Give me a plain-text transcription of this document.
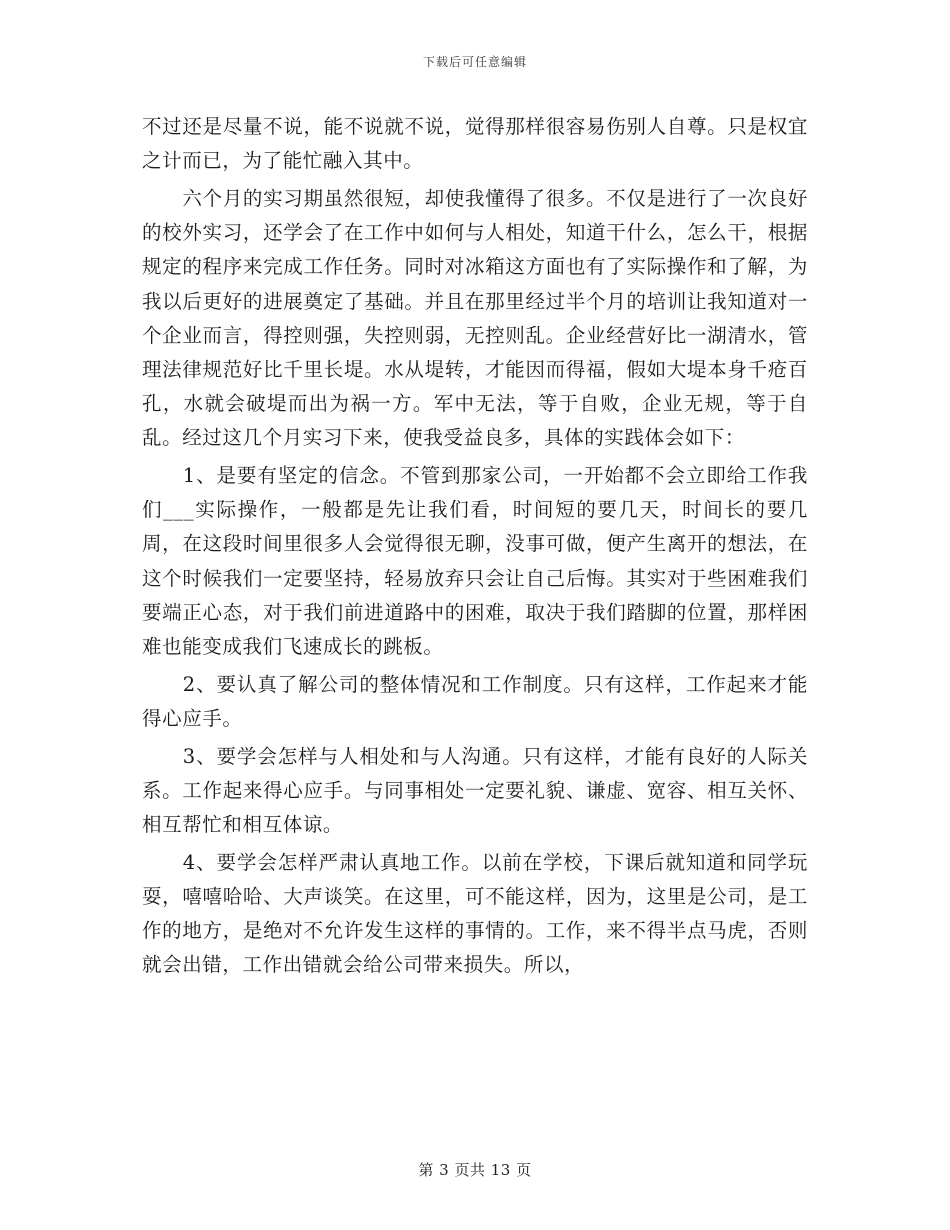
下载后可任意编辑

不过还是尽量不说，能不说就不说，觉得那样很容易伤别人自尊。只是权宜之计而已，为了能忙融入其中。

　　六个月的实习期虽然很短，却使我懂得了很多。不仅是进行了一次良好的校外实习，还学会了在工作中如何与人相处，知道干什么，怎么干，根据规定的程序来完成工作任务。同时对冰箱这方面也有了实际操作和了解，为我以后更好的进展奠定了基础。并且在那里经过半个月的培训让我知道对一个企业而言，得控则强，失控则弱，无控则乱。企业经营好比一湖清水，管理法律规范好比千里长堤。水从堤转，才能因而得福，假如大堤本身千疮百孔，水就会破堤而出为祸一方。军中无法，等于自败，企业无规，等于自乱。经过这几个月实习下来，使我受益良多，具体的实践体会如下：

　　1、是要有坚定的信念。不管到那家公司，一开始都不会立即给工作我们___实际操作，一般都是先让我们看，时间短的要几天，时间长的要几周，在这段时间里很多人会觉得很无聊，没事可做，便产生离开的想法，在这个时候我们一定要坚持，轻易放弃只会让自己后悔。其实对于些困难我们要端正心态，对于我们前进道路中的困难，取决于我们踏脚的位置，那样困难也能变成我们飞速成长的跳板。

　　2、要认真了解公司的整体情况和工作制度。只有这样，工作起来才能得心应手。

　　3、要学会怎样与人相处和与人沟通。只有这样，才能有良好的人际关系。工作起来得心应手。与同事相处一定要礼貌、谦虚、宽容、相互关怀、相互帮忙和相互体谅。

　　4、要学会怎样严肃认真地工作。以前在学校，下课后就知道和同学玩耍，嘻嘻哈哈、大声谈笑。在这里，可不能这样，因为，这里是公司，是工作的地方，是绝对不允许发生这样的事情的。工作，来不得半点马虎，否则就会出错，工作出错就会给公司带来损失。所以，

第 3 页共 13 页
